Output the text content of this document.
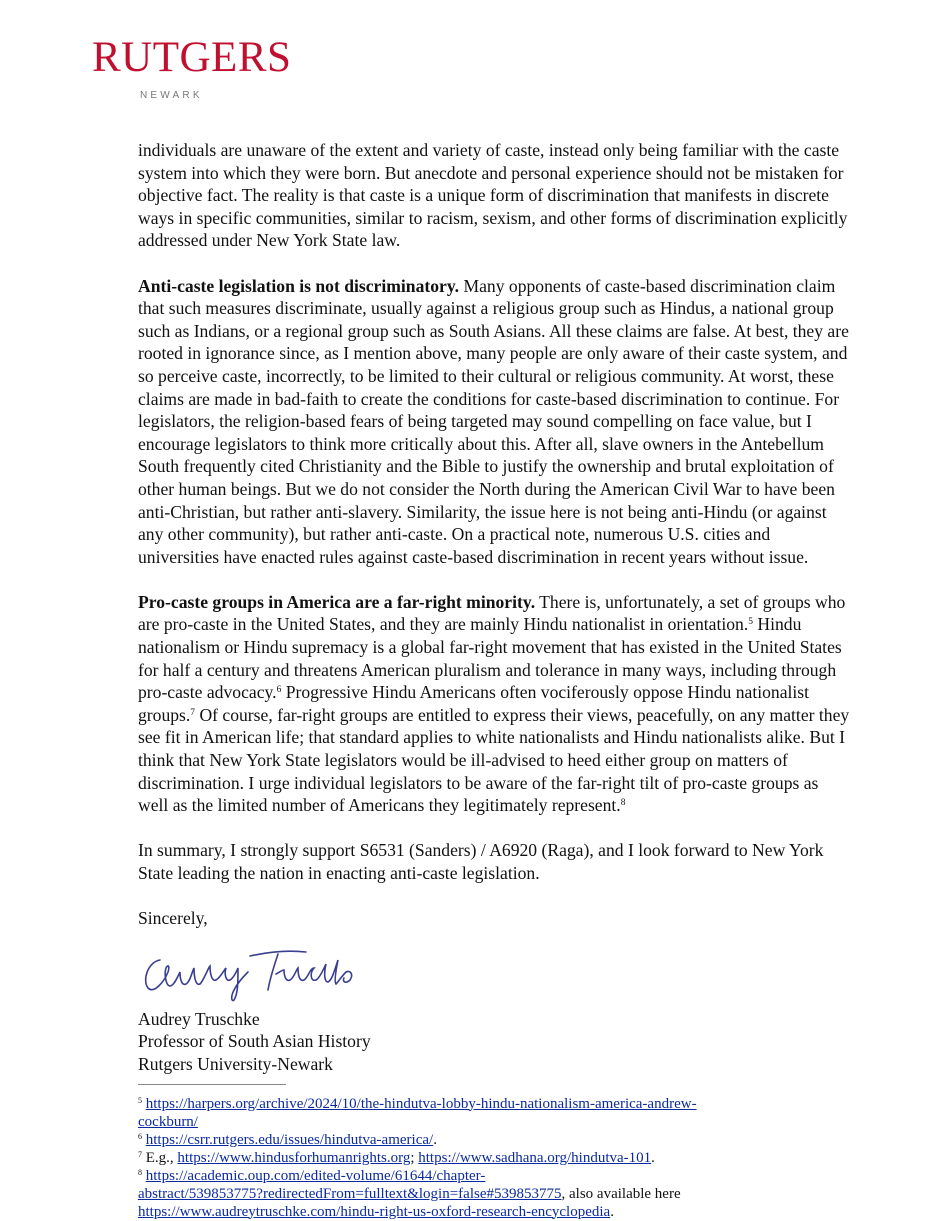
RUTGERS
NEWARK

individuals are unaware of the extent and variety of caste, instead only being familiar with the caste system into which they were born. But anecdote and personal experience should not be mistaken for objective fact. The reality is that caste is a unique form of discrimination that manifests in discrete ways in specific communities, similar to racism, sexism, and other forms of discrimination explicitly addressed under New York State law.

Anti-caste legislation is not discriminatory. Many opponents of caste-based discrimination claim that such measures discriminate, usually against a religious group such as Hindus, a national group such as Indians, or a regional group such as South Asians. All these claims are false. At best, they are rooted in ignorance since, as I mention above, many people are only aware of their caste system, and so perceive caste, incorrectly, to be limited to their cultural or religious community. At worst, these claims are made in bad-faith to create the conditions for caste-based discrimination to continue. For legislators, the religion-based fears of being targeted may sound compelling on face value, but I encourage legislators to think more critically about this. After all, slave owners in the Antebellum South frequently cited Christianity and the Bible to justify the ownership and brutal exploitation of other human beings. But we do not consider the North during the American Civil War to have been anti-Christian, but rather anti-slavery. Similarity, the issue here is not being anti-Hindu (or against any other community), but rather anti-caste. On a practical note, numerous U.S. cities and universities have enacted rules against caste-based discrimination in recent years without issue.

Pro-caste groups in America are a far-right minority. There is, unfortunately, a set of groups who are pro-caste in the United States, and they are mainly Hindu nationalist in orientation.$^5$ Hindu nationalism or Hindu supremacy is a global far-right movement that has existed in the United States for half a century and threatens American pluralism and tolerance in many ways, including through pro-caste advocacy.$^6$ Progressive Hindu Americans often vociferously oppose Hindu nationalist groups.$^7$ Of course, far-right groups are entitled to express their views, peacefully, on any matter they see fit in American life; that standard applies to white nationalists and Hindu nationalists alike. But I think that New York State legislators would be ill-advised to heed either group on matters of discrimination. I urge individual legislators to be aware of the far-right tilt of pro-caste groups as well as the limited number of Americans they legitimately represent.$^8$

In summary, I strongly support S6531 (Sanders) / A6920 (Raga), and I look forward to New York State leading the nation in enacting anti-caste legislation.

Sincerely,

Audrey Truschke
Professor of South Asian History
Rutgers University-Newark
$^5$ https://harpers.org/archive/2024/10/the-hindutva-lobby-hindu-nationalism-america-andrew-
cockburn/
$^6$ https://csrr.rutgers.edu/issues/hindutva-america/.
$^7$ E.g., https://www.hindusforhumanrights.org; https://www.sadhana.org/hindutva-101.
$^8$ https://academic.oup.com/edited-volume/61644/chapter-
abstract/539853775?redirectedFrom=fulltext&login=false#539853775, also available here
https://www.audreytruschke.com/hindu-right-us-oxford-research-encyclopedia.
